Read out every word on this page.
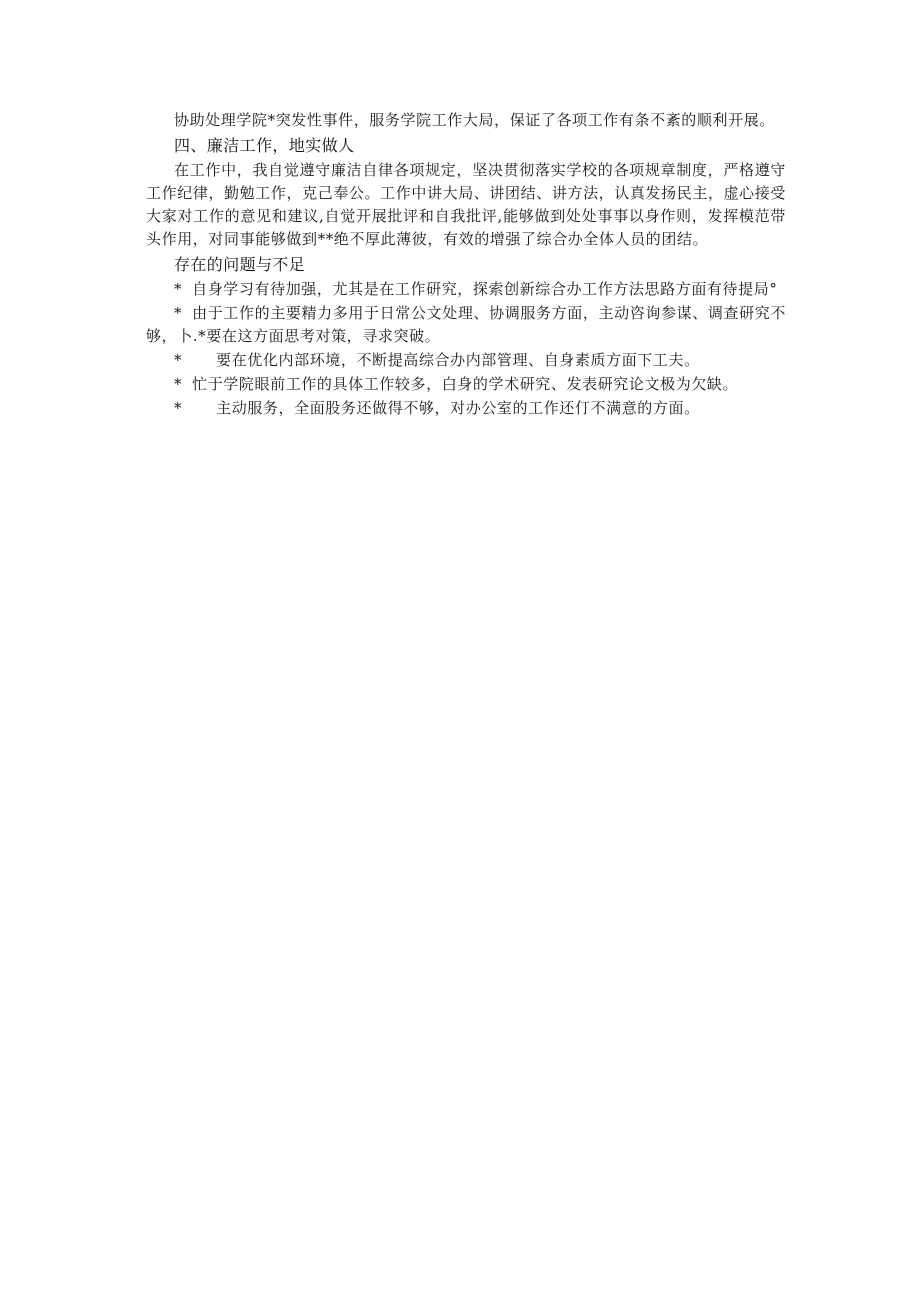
协助处理学院*突发性事件，服务学院工作大局，保证了各项工作有条不紊的顺利开展。

四、廉洁工作，地实做人

在工作中，我自觉遵守廉洁自律各项规定，坚决贯彻落实学校的各项规章制度，严格遵守工作纪律，勤勉工作，克己奉公。工作中讲大局、讲团结、讲方法，认真发扬民主，虚心接受大家对工作的意见和建议,自觉开展批评和自我批评,能够做到处处事事以身作则，发挥模范带头作用，对同事能够做到**绝不厚此薄彼，有效的增强了综合办全体人员的团结。

存在的问题与不足

* 自身学习有待加强，尤其是在工作研究，探索创新综合办工作方法思路方面有待提局°

* 由于工作的主要精力多用于日常公文处理、协调服务方面，主动咨询参谋、调查研究不够，卜.*要在这方面思考对策，寻求突破。

* 要在优化内部环境，不断提高综合办内部管理、自身素质方面下工夫。

* 忙于学院眼前工作的具体工作较多，白身的学术研究、发表研究论文极为欠缺。

* 主动服务，全面股务还做得不够，对办公室的工作还仃不满意的方面。
